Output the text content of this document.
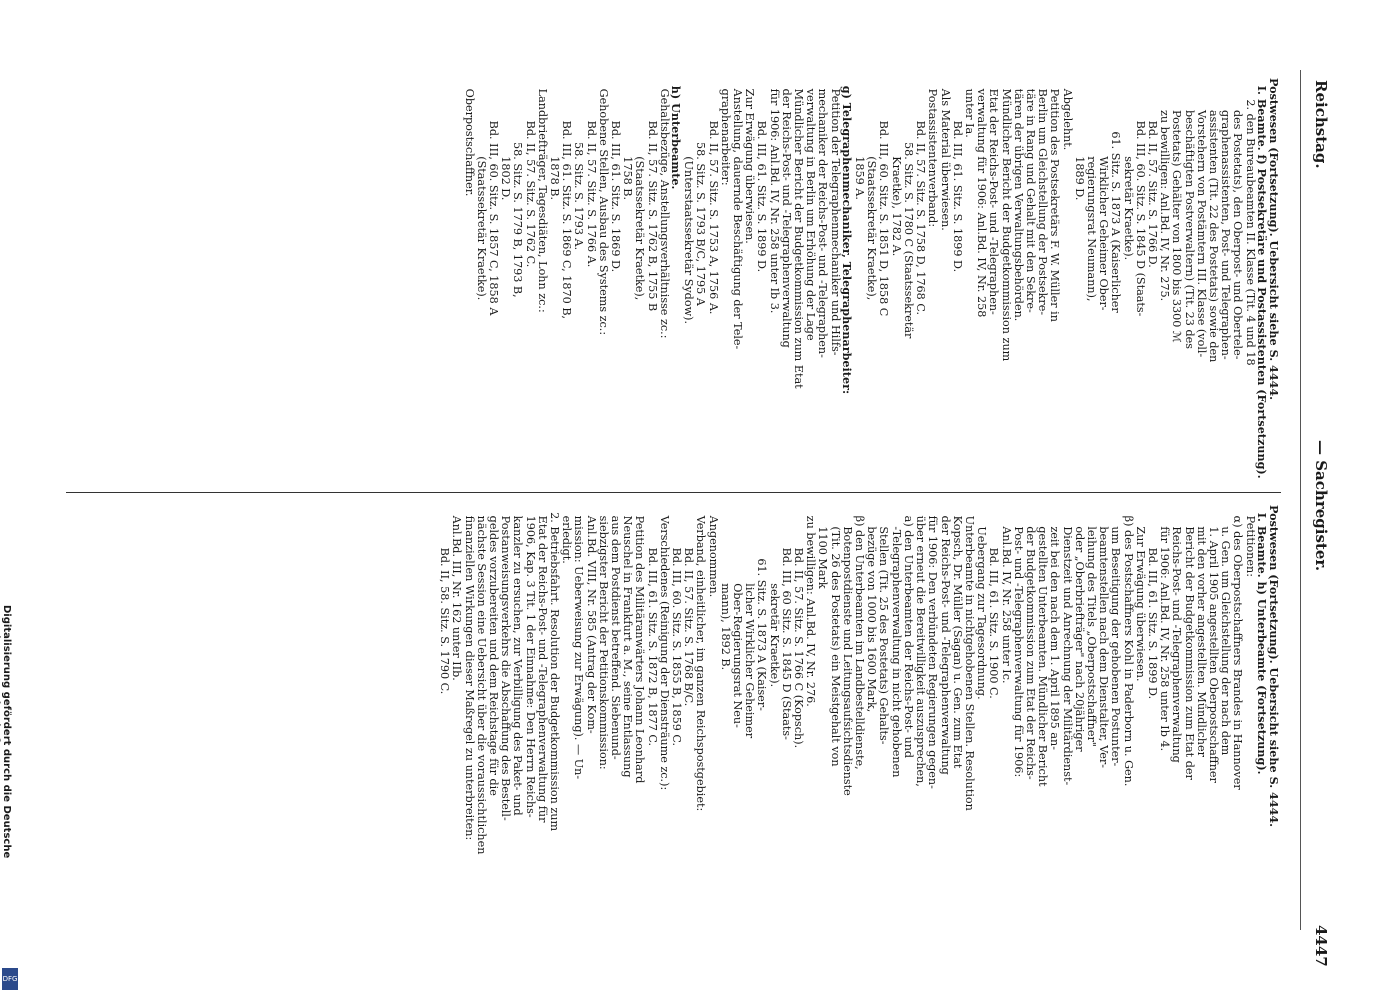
Reichstag.
— Sachregister.
4447

Postwesen (Fortsetzung). Uebersicht siehe S. 4444.

I. Beamte. f) Postsekretäre und Postassistenten (Fortsetzung).

2. den Bureaubeamten II. Klasse (Tit. 4 und 18

des Postetats), den Oberpost- und Obertele-

graphenassistenten, Post- und Telegraphen-

assistenten (Tit. 22 des Postetats) sowie den

Vorstehern von Postämtern III. Klasse (voll-

beschäftigten Postverwaltern) (Tit. 23 des

Postetats) Gehälter von 1800 bis 3300 ℳ

zu bewilligen: Anl.Bd. IV, Nr. 275.

Bd. II, 57. Sitz. S. 1766 D.

Bd. III, 60. Sitz. S. 1845 D (Staats-

sekretär Kraetke).

61. Sitz. S. 1873 A (Kaiserlicher

Wirklicher Geheimer Ober-

regierungsrat Neumann),

1889 D.

Abgelehnt.

Petition des Postsekretärs F. W. Müller in

Berlin um Gleichstellung der Postsekre-

täre in Rang und Gehalt mit den Sekre-

tären der übrigen Verwaltungsbehörden.

Mündlicher Bericht der Budgetkommission zum

Etat der Reichs-Post- und -Telegraphen-

verwaltung für 1906: Anl.Bd. IV, Nr. 258

unter Ia.

Bd. III, 61. Sitz. S. 1899 D.

Als Material überwiesen.

Postassistentenverband:

Bd. II, 57. Sitz. S. 1758 D, 1768 C.

58. Sitz. S. 1780 C (Staatssekretär

Kraetke), 1782 A.

Bd. III, 60. Sitz. S. 1851 D, 1858 C

(Staatssekretär Kraetke),

1859 A.

g) Telegraphenmechaniker, Telegraphenarbeiter:

Petition der Telegraphenmechaniker und Hilfs-

mechaniker der Reichs-Post- und -Telegraphen-

verwaltung in Berlin um Erhöhung der Lage

Mündlicher Bericht der Budgetkommission zum Etat

der Reichs-Post- und -Telegraphenverwaltung

für 1906: Anl.Bd. IV, Nr. 258 unter Ib 3.

Bd. III, 61. Sitz. S. 1899 D.

Zur Erwägung überwiesen.

Anstellung, dauernde Beschäftigung der Tele-

graphenarbeiter:

Bd. II, 57. Sitz. S. 1753 A, 1756 A.

58. Sitz. S. 1793 B/C, 1795 A

(Unterstaatssekretär Sydow).

h) Unterbeamte.

Gehaltsbezüge, Anstellungsverhältnisse zc.:

Bd. II, 57. Sitz. S. 1762 B, 1755 B

(Staatssekretär Kraetke),

1758 B.

Bd. III, 61. Sitz. S. 1869 D.

Gehobene Stellen, Ausbau des Systems zc.:

Bd. II, 57. Sitz. S. 1766 A.

58. Sitz. S. 1793 A.

Bd. III, 61. Sitz. S. 1869 C, 1870 B,

1878 B.

Landbriefträger, Tagesdiäten, Lohn zc.:

Bd. II, 57. Sitz. S. 1762 C.

58. Sitz. S. 1779 B, 1793 B,

1802 D.

Bd. III, 60. Sitz. S. 1857 C, 1858 A

(Staatssekretär Kraetke).

Oberpostschaffner.

Postwesen (Fortsetzung). Uebersicht siehe S. 4444.

I. Beamte. h) Unterbeamte (Fortsetzung).

Petitionen:

α) des Oberpostschaffners Brandes in Hannover

u. Gen. um Gleichstellung der nach dem

1. April 1905 angestellten Oberpostschaffner

mit den vorher angestellten. Mündlicher

Bericht der Budgetkommission zum Etat der

Reichs-Post- und -Telegraphenverwaltung

für 1906: Anl.Bd. IV, Nr. 258 unter Ib 4.

Bd. III, 61. Sitz. S. 1899 D.

Zur Erwägung überwiesen.

β) des Postschaffners Kohl in Paderborn u. Gen.

um Beseitigung der gehobenen Postunter-

beamtenstellen nach dem Dienstalter, Ver-

leihung des Titels „Oberpostschaffner"

oder „Oberbriefträger" nach 20jähriger

Dienstzeit und Anrechnung der Militärdienst-

zeit bei den nach dem 1. April 1895 an-

gestellten Unterbeamten. Mündlicher Bericht

der Budgetkommission zum Etat der Reichs-

Post- und -Telegraphenverwaltung für 1906:

Anl.Bd. IV, Nr. 258 unter Ic.

Bd. III, 61. Sitz. S. 1900 C.

Uebergang zur Tagesordnung.

Unterbeamte in nichtgehobenen Stellen. Resolution

Kopsch, Dr. Müller (Sagan) u. Gen. zum Etat

der Reichs-Post- und -Telegraphenverwaltung

für 1906: Den verbündeten Regierungen gegen-

über erneut die Bereitwilligkeit auszusprechen,

a) den Unterbeamten der Reichs-Post- und

-Telegraphenverwaltung in nicht gehobenen

Stellen (Tit. 25 des Postetats) Gehalts-

bezüge von 1000 bis 1600 Mark,

β) den Unterbeamten im Landbestelldienste,

Botenpostdienste und Leitungsaufsichtsdienste

(Tit. 26 des Postetats) ein Meistgehalt von

1100 Mark

zu bewilligen: Anl.Bd. IV, Nr. 276.

Bd. II, 57. Sitz. S. 1766 C (Kopsch).

Bd. III, 60 Sitz. S. 1845 D (Staats-

sekretär Kraetke).

61. Sitz. S. 1873 A (Kaiser-

licher Wirklicher Geheimer

Ober-Regierungsrat Neu-

mann), 1892 B.

Angenommen.

Verband, einheitlicher, im ganzen Reichspostgebiet:

Bd. II, 57. Sitz. S. 1768 B/C.

Bd. III, 60. Sitz. S. 1855 B, 1859 C.

Verschiedenes (Reinigung der Diensträume zc.):

Bd. III, 61. Sitz. S. 1872 B, 1877 C.

Petition des Militäranwärters Johann Leonhard

Neuschel in Frankfurt a. M., seine Entlassung

aus dem Postdienst betreffend. Siebenund-

siebzigster Bericht der Petitionskommission:

Anl.Bd. VIII, Nr. 585 (Antrag der Kom-

mission: Ueberweisung zur Erwägung). — Un-

erledigt.

2. Betriebsfahrt. Resolution der Budgetkommission zum

Etat der Reichs-Post- und -Telegraphenverwaltung für

1906, Kap. 3 Tit. 1 der Einnahme: Den Herrn Reichs-

kanzler zu ersuchen, zur Verbilligung des Paket- und

Postanweisungsverkehrs die Abschaffung des Bestell-

geldes vorzubereiten und dem Reichstage für die

nächste Session eine Uebersicht über die voraussichtlichen

finanziellen Wirkungen dieser Maßregel zu unterbreiten:

Anl.Bd. III, Nr. 162 unter IIb.

Bd. II, 58. Sitz. S. 1790 C.

Digitalisierung gefördert durch die Deutsche
DFG
